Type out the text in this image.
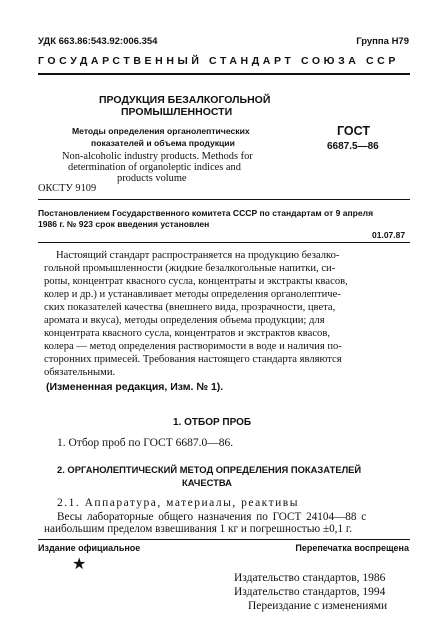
УДК 663.86:543.92:006.354	Группа Н79
ГОСУДАРСТВЕННЫЙ СТАНДАРТ СОЮЗА ССР
ПРОДУКЦИЯ БЕЗАЛКОГОЛЬНОЙ
ПРОМЫШЛЕННОСТИ
Методы определения органолептических
показателей и объема продукции
Non-alcoholic industry products. Methods for
determination of organoleptic indices and
products volume
ОКСТУ 9109
ГОСТ
6687.5—86
Постановлением Государственного комитета СССР по стандартам от 9 апреля
1986 г. № 923 срок введения установлен
01.07.87
Настоящий стандарт распространяется на продукцию безалко-
гольной промышленности (жидкие безалкогольные напитки, си-
ропы, концентрат квасного сусла, концентраты и экстракты квасов,
колер и др.) и устанавливает методы определения органолептиче-
ских показателей качества (внешнего вида, прозрачности, цвета,
аромата и вкуса), методы определения объема продукции; для
концентрата квасного сусла, концентратов и экстрактов квасов,
колера — метод определения растворимости в воде и наличия по-
сторонних примесей. Требования настоящего стандарта являются
обязательными.
(Измененная редакция, Изм. № 1).
1. ОТБОР ПРОБ
1. Отбор проб по ГОСТ 6687.0—86.
2. ОРГАНОЛЕПТИЧЕСКИЙ МЕТОД ОПРЕДЕЛЕНИЯ ПОКАЗАТЕЛЕЙ
КАЧЕСТВА
2.1. Аппаратура, материалы, реактивы
Весы лабораторные общего назначения по ГОСТ 24104—88 с
наибольшим пределом взвешивания 1 кг и погрешностью ±0,1 г.
Издание официальное	Перепечатка воспрещена
★
Издательство стандартов, 1986
Издательство стандартов, 1994
Переиздание с изменениями
